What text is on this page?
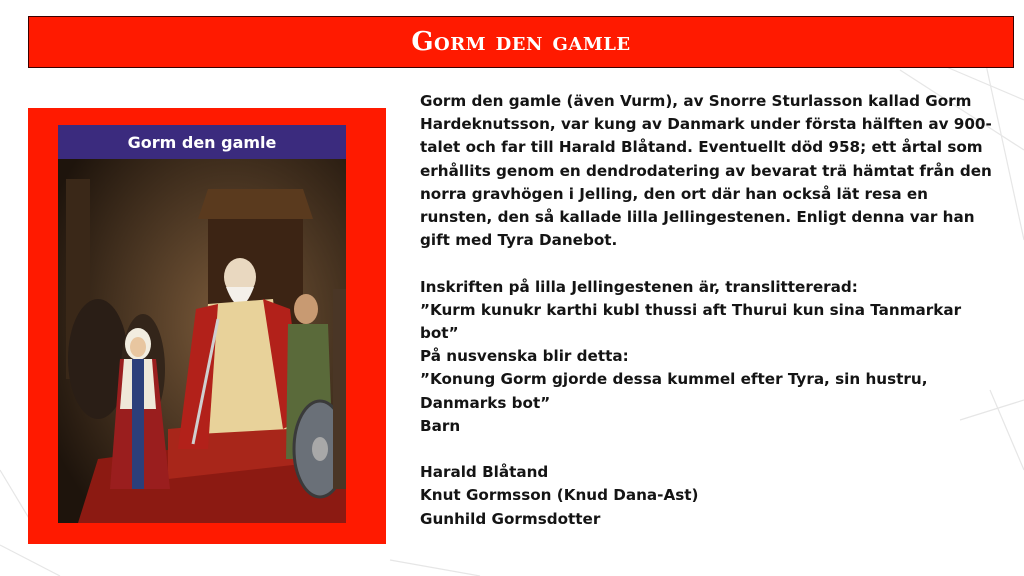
Gorm den gamle
Gorm den gamle

Gorm den gamle (även Vurm), av Snorre Sturlasson kallad Gorm Hardeknutsson, var kung av Danmark under första hälften av 900-talet och far till Harald Blåtand. Eventuellt död 958; ett årtal som erhållits genom en dendrodatering av bevarat trä hämtat från den norra gravhögen i Jelling, den ort där han också lät resa en runsten, den så kallade lilla Jellingestenen. Enligt denna var han gift med Tyra Danebot.

Inskriften på lilla Jellingestenen är, translittererad:

”Kurm kunukr karthi kubl thussi aft Thurui kun sina Tanmarkar bot”

På nusvenska blir detta:

”Konung Gorm gjorde dessa kummel efter Tyra, sin hustru, Danmarks bot”

Barn

Harald Blåtand

Knut Gormsson (Knud Dana-Ast)

Gunhild Gormsdotter
